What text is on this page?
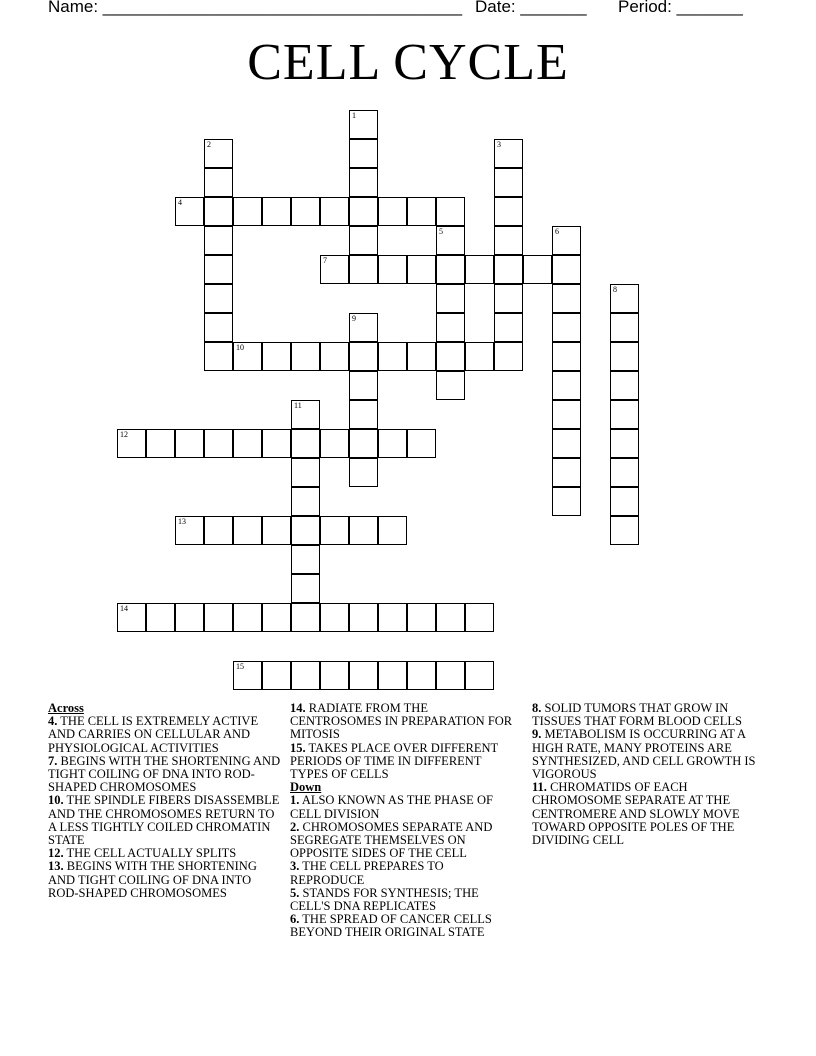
Name: ______________________________________ Date: _______ Period: _______
CELL CYCLE
1
2	3
4
5	6
7
8
9
10
11
12
13
14
15
Across
4. THE CELL IS EXTREMELY ACTIVE AND CARRIES ON CELLULAR AND PHYSIOLOGICAL ACTIVITIES
7. BEGINS WITH THE SHORTENING AND TIGHT COILING OF DNA INTO ROD-SHAPED CHROMOSOMES
10. THE SPINDLE FIBERS DISASSEMBLE AND THE CHROMOSOMES RETURN TO A LESS TIGHTLY COILED CHROMATIN STATE
12. THE CELL ACTUALLY SPLITS
13. BEGINS WITH THE SHORTENING AND TIGHT COILING OF DNA INTO ROD-SHAPED CHROMOSOMES
14. RADIATE FROM THE CENTROSOMES IN PREPARATION FOR MITOSIS
15. TAKES PLACE OVER DIFFERENT PERIODS OF TIME IN DIFFERENT TYPES OF CELLS
Down
1. ALSO KNOWN AS THE PHASE OF CELL DIVISION
2. CHROMOSOMES SEPARATE AND SEGREGATE THEMSELVES ON OPPOSITE SIDES OF THE CELL
3. THE CELL PREPARES TO REPRODUCE
5. STANDS FOR SYNTHESIS; THE CELL'S DNA REPLICATES
6. THE SPREAD OF CANCER CELLS BEYOND THEIR ORIGINAL STATE
8. SOLID TUMORS THAT GROW IN TISSUES THAT FORM BLOOD CELLS
9. METABOLISM IS OCCURRING AT A HIGH RATE, MANY PROTEINS ARE SYNTHESIZED, AND CELL GROWTH IS VIGOROUS
11. CHROMATIDS OF EACH CHROMOSOME SEPARATE AT THE CENTROMERE AND SLOWLY MOVE TOWARD OPPOSITE POLES OF THE DIVIDING CELL
